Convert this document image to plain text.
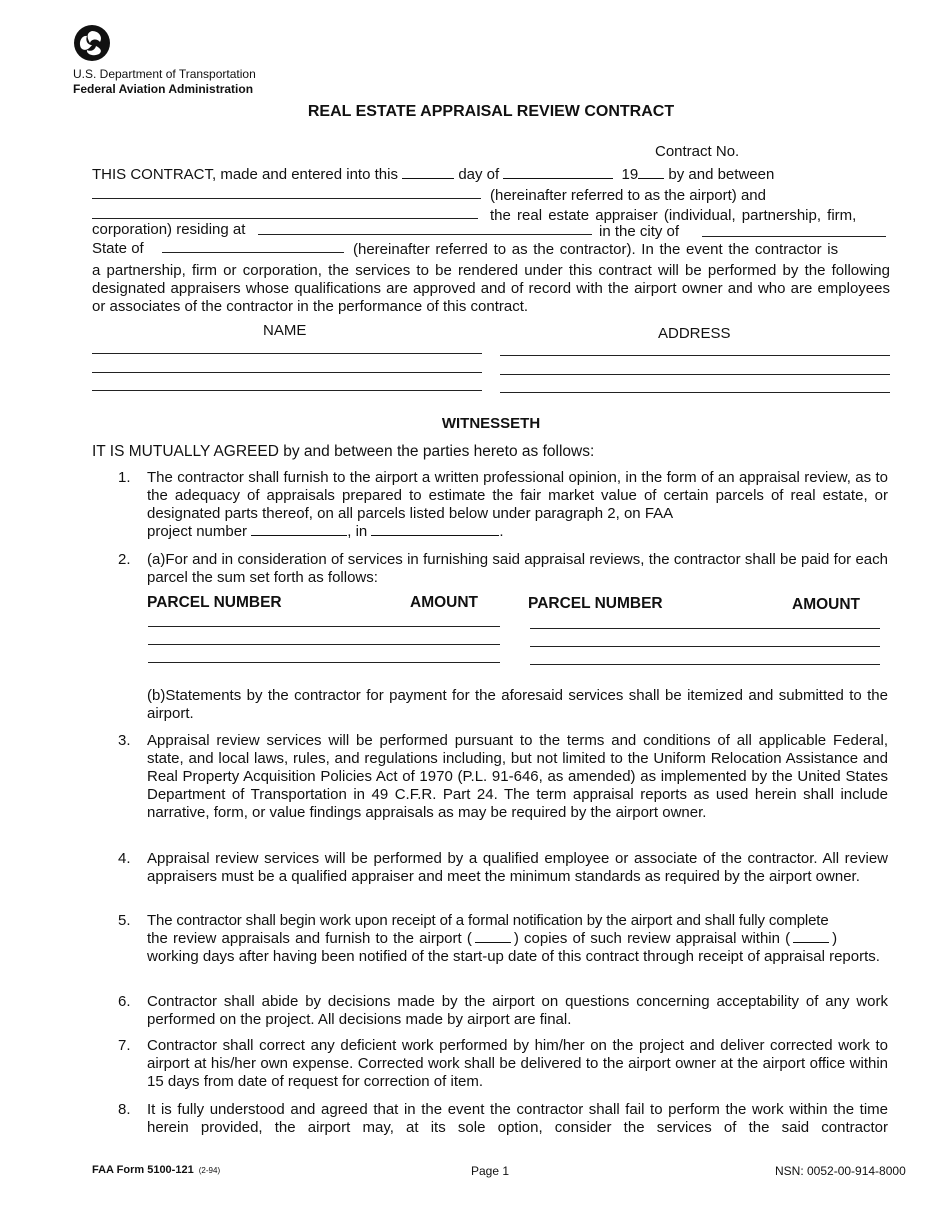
U.S. Department of Transportation
Federal Aviation Administration
REAL ESTATE APPRAISAL REVIEW CONTRACT
Contract No.
THIS CONTRACT, made and entered into this	day of	19 by and between
(hereinafter referred to as the airport) and
the real estate appraiser (individual, partnership, firm,
corporation) residing at	in the city of
State of	(hereinafter referred to as the contractor). In the event the contractor is
a partnership, firm or corporation, the services to be rendered under this contract will be performed by the following designated appraisers whose qualifications are approved and of record with the airport owner and who are employees or associates of the contractor in the performance of this contract.
NAME	ADDRESS
WITNESSETH
IT IS MUTUALLY AGREED by and between the parties hereto as follows:
1. The contractor shall furnish to the airport a written professional opinion, in the form of an appraisal review, as to the adequacy of appraisals prepared to estimate the fair market value of certain parcels of real estate, or designated parts thereof, on all parcels listed below under paragraph 2, on FAA
project number	, in	.
2. (a)For and in consideration of services in furnishing said appraisal reviews, the contractor shall be paid for each parcel the sum set forth as follows:
PARCEL NUMBER	AMOUNT	PARCEL NUMBER	AMOUNT
(b)Statements by the contractor for payment for the aforesaid services shall be itemized and submitted to the airport.
3. Appraisal review services will be performed pursuant to the terms and conditions of all applicable Federal, state, and local laws, rules, and regulations including, but not limited to the Uniform Relocation Assistance and Real Property Acquisition Policies Act of 1970 (P.L. 91-646, as amended) as implemented by the United States Department of Transportation in 49 C.F.R. Part 24. The term appraisal reports as used herein shall include narrative, form, or value findings appraisals as may be required by the airport owner.
4. Appraisal review services will be performed by a qualified employee or associate of the contractor. All review appraisers must be a qualified appraiser and meet the minimum standards as required by the airport owner.
5. The contractor shall begin work upon receipt of a formal notification by the airport and shall fully complete
the review appraisals and furnish to the airport (	) copies of such review appraisal within (	)
working days after having been notified of the start-up date of this contract through receipt of appraisal reports.
6. Contractor shall abide by decisions made by the airport on questions concerning acceptability of any work performed on the project. All decisions made by airport are final.
7. Contractor shall correct any deficient work performed by him/her on the project and deliver corrected work to airport at his/her own expense. Corrected work shall be delivered to the airport owner at the airport office within 15 days from date of request for correction of item.
8. It is fully understood and agreed that in the event the contractor shall fail to perform the work within the time herein provided, the airport may, at its sole option, consider the services of the said contractor
FAA Form 5100-121 (2-94)	Page 1	NSN: 0052-00-914-8000
